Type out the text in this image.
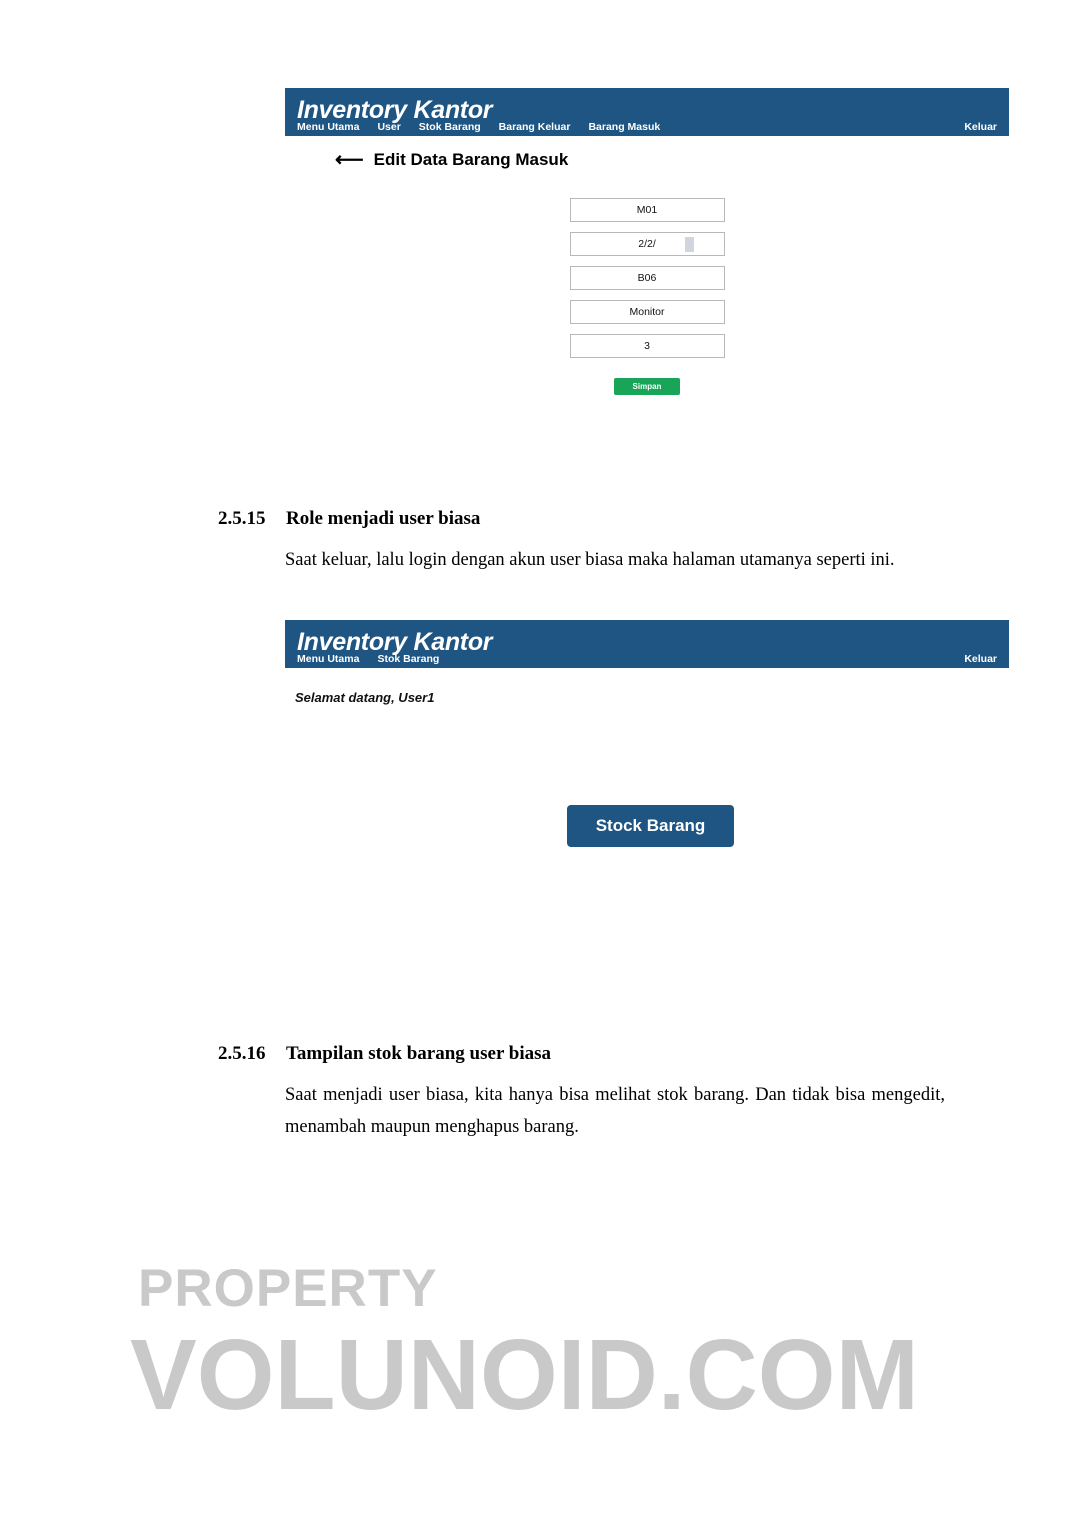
Inventory Kantor
Menu Utama User Stok Barang Barang Keluar Barang Masuk	Keluar
⟵ Edit Data Barang Masuk
M01
2/2/
B06
Monitor
3
Simpan
2.5.15 Role menjadi user biasa
Saat keluar, lalu login dengan akun user biasa maka halaman utamanya seperti ini.
Inventory Kantor
Menu Utama Stok Barang	Keluar
Selamat datang, User1
Stock Barang
2.5.16 Tampilan stok barang user biasa
Saat menjadi user biasa, kita hanya bisa melihat stok barang. Dan tidak bisa mengedit, menambah maupun menghapus barang.
PROPERTY
VOLUNOID.COM
